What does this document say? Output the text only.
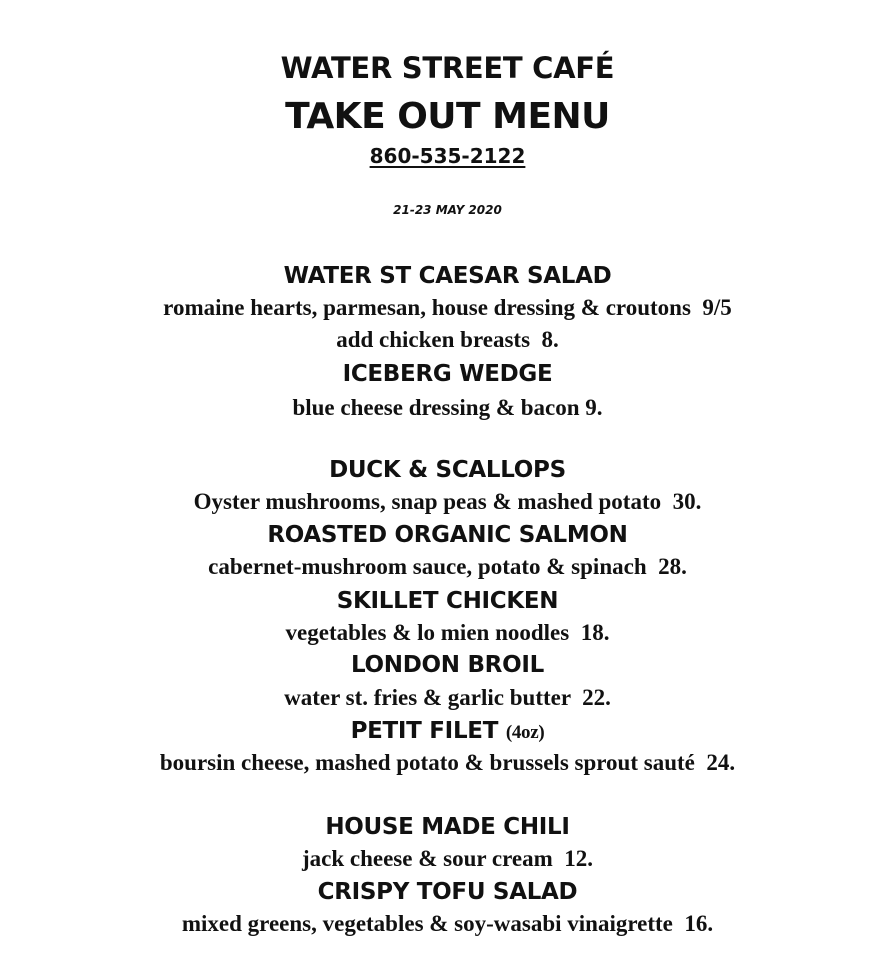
WATER STREET CAFÉ
TAKE OUT MENU
860-535-2122
21-23 MAY 2020
WATER ST CAESAR SALAD
romaine hearts, parmesan, house dressing & croutons  9/5
add chicken breasts  8.
ICEBERG WEDGE
blue cheese dressing & bacon 9.
DUCK & SCALLOPS
Oyster mushrooms, snap peas & mashed potato  30.
ROASTED ORGANIC SALMON
cabernet-mushroom sauce, potato & spinach  28.
SKILLET CHICKEN
vegetables & lo mien noodles  18.
LONDON BROIL
water st. fries & garlic butter  22.
PETIT FILET (4oz)
boursin cheese, mashed potato & brussels sprout sauté  24.
HOUSE MADE CHILI
jack cheese & sour cream  12.
CRISPY TOFU SALAD
mixed greens, vegetables & soy-wasabi vinaigrette  16.
